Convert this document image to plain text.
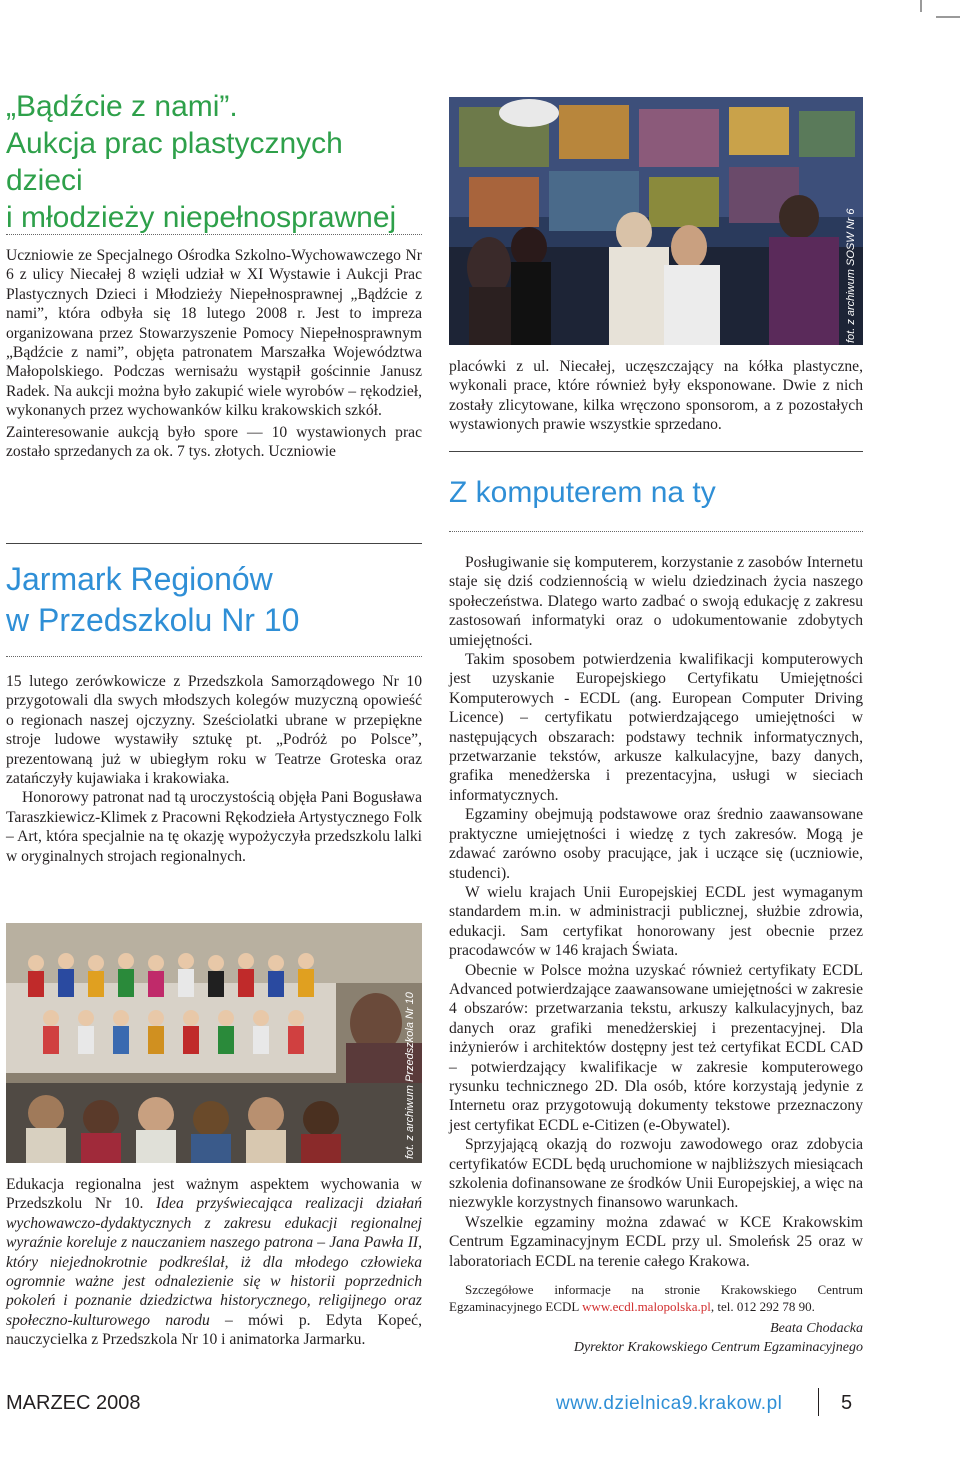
„Bądźcie z nami”.
Aukcja prac plastycznych dzieci
i młodzieży niepełnosprawnej

Uczniowie ze Specjalnego Ośrodka Szkolno-Wychowawczego Nr 6 z ulicy Niecałej 8 wzięli udział w XI Wystawie i Aukcji Prac Plastycznych Dzieci i Młodzieży Niepełnosprawnej „Bądźcie z nami”, która odbyła się 18 lutego 2008 r. Jest to impreza organizowana przez Stowarzyszenie Pomocy Niepełnosprawnym „Bądźcie z nami”, objęta patronatem Marszałka Województwa Małopolskiego. Podczas wernisażu wystąpił gościnnie Janusz Radek. Na aukcji można było zakupić wiele wyrobów – rękodzieł, wykonanych przez wychowanków kilku krakowskich szkół.

Zainteresowanie aukcją było spore — 10 wystawionych prac zostało sprzedanych za ok. 7 tys. złotych. Uczniowie

fot. z archiwum SOSW Nr 6

placówki z ul. Niecałej, uczęszczający na kółka plastyczne, wykonali prace, które również były eksponowane. Dwie z nich zostały zlicytowane, kilka wręczono sponsorom, a z pozostałych wystawionych prawie wszystkie sprzedano.

Z komputerem na ty
Jarmark Regionów
w Przedszkolu Nr 10

15 lutego zerówkowicze z Przedszkola Samorządowego Nr 10 przygotowali dla swych młodszych kolegów muzyczną opowieść o regionach naszej ojczyzny. Sześciolatki ubrane w przepiękne stroje ludowe wystawiły sztukę pt. „Podróż po Polsce”, prezentowaną już w ubiegłym roku w Teatrze Groteska oraz zatańczyły kujawiaka i krakowiaka.

Honorowy patronat nad tą uroczystością objęła Pani Bogusława Taraszkiewicz-Klimek z Pracowni Rękodzieła Artystycznego Folk – Art, która specjalnie na tę okazję wypożyczyła przedszkolu lalki w oryginalnych strojach regionalnych.

fot. z archiwum Przedszkola Nr 10

Edukacja regionalna jest ważnym aspektem wychowania w Przedszkolu Nr 10. Idea przyświecająca realizacji działań wychowawczo-dydaktycznych z zakresu edukacji regionalnej wyraźnie koreluje z nauczaniem naszego patrona – Jana Pawła II, który niejednokrotnie podkreślał, iż dla młodego człowieka ogromnie ważne jest odnalezienie się w historii poprzednich pokoleń i poznanie dziedzictwa historycznego, religijnego oraz społeczno-kulturowego narodu – mówi p. Edyta Kopeć, nauczycielka z Przedszkola Nr 10 i animatorka Jarmarku.

Posługiwanie się komputerem, korzystanie z zasobów Internetu staje się dziś codziennością w wielu dziedzinach życia naszego społeczeństwa. Dlatego warto zadbać o swoją edukację z zakresu zastosowań informatyki oraz o udokumentowanie zdobytych umiejętności.

Takim sposobem potwierdzenia kwalifikacji komputerowych jest uzyskanie Europejskiego Certyfikatu Umiejętności Komputerowych - ECDL (ang. European Computer Driving Licence) – certyfikatu potwierdzającego umiejętności w następujących obszarach: podstawy technik informatycznych, przetwarzanie tekstów, arkusze kalkulacyjne, bazy danych, grafika menedżerska i prezentacyjna, usługi w sieciach informatycznych.

Egzaminy obejmują podstawowe oraz średnio zaawansowane praktyczne umiejętności i wiedzę z tych zakresów. Mogą je zdawać zarówno osoby pracujące, jak i uczące się (uczniowie, studenci).

W wielu krajach Unii Europejskiej ECDL jest wymaganym standardem m.in. w administracji publicznej, służbie zdrowia, edukacji. Sam certyfikat honorowany jest obecnie przez pracodawców w 146 krajach Świata.

Obecnie w Polsce można uzyskać również certyfikaty ECDL Advanced potwierdzające zaawansowane umiejętności w zakresie 4 obszarów: przetwarzania tekstu, arkuszy kalkulacyjnych, baz danych oraz grafiki menedżerskiej i prezentacyjnej. Dla inżynierów i architektów dostępny jest też certyfikat ECDL CAD – potwierdzający kwalifikacje w zakresie komputerowego rysunku technicznego 2D. Dla osób, które korzystają jedynie z Internetu oraz przygotowują dokumenty tekstowe przeznaczony jest certyfikat ECDL e-Citizen (e-Obywatel).

Sprzyjającą okazją do rozwoju zawodowego oraz zdobycia certyfikatów ECDL będą uruchomione w najbliższych miesiącach szkolenia dofinansowane ze środków Unii Europejskiej, a więc na niezwykle korzystnych finansowo warunkach.

Wszelkie egzaminy można zdawać w KCE Krakowskim Centrum Egzaminacyjnym ECDL przy ul. Smoleńsk 25 oraz w laboratoriach ECDL na terenie całego Krakowa.

Szczegółowe informacje na stronie Krakowskiego Centrum Egzaminacyjnego ECDL www.ecdl.malopolska.pl, tel. 012 292 78 90.

Beata Chodacka
Dyrektor Krakowskiego Centrum Egzaminacyjnego
MARZEC 2008	www.dzielnica9.krakow.pl	5
